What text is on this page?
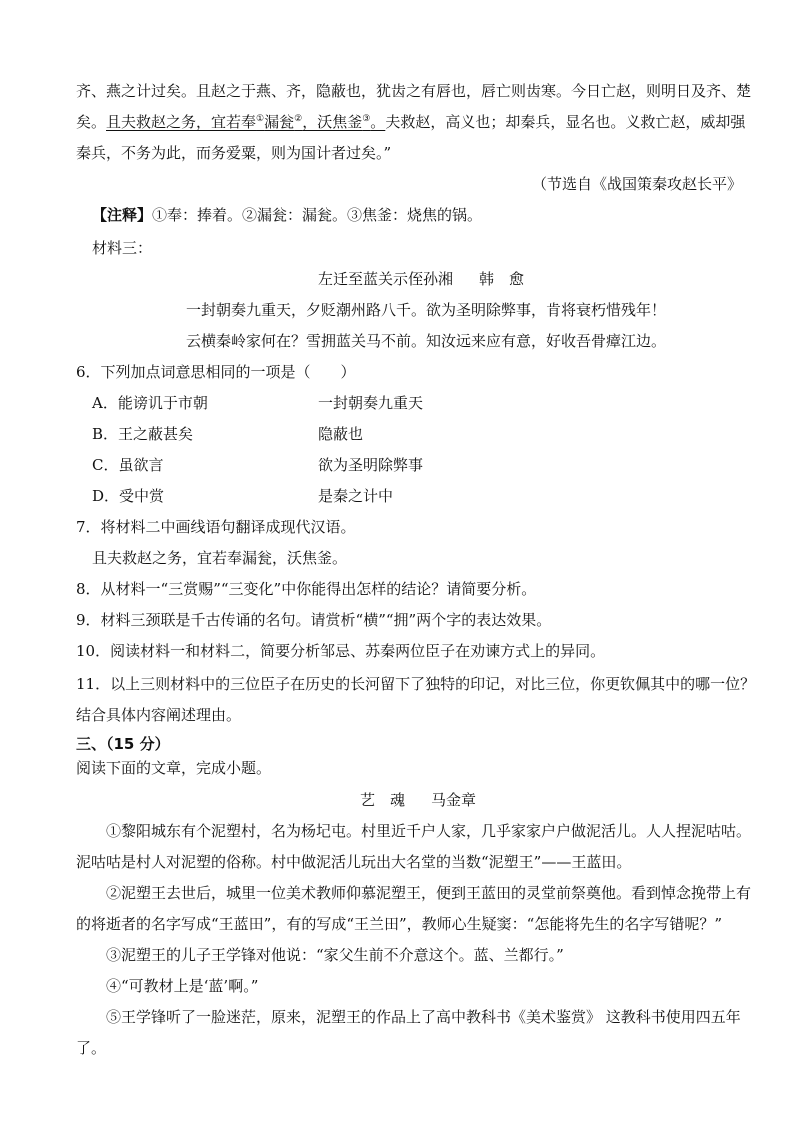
齐、燕之计过矣。且赵之于燕、齐，隐蔽也，犹齿之有唇也，唇亡则齿寒。今日亡赵，则明日及齐、楚
矣。且夫救赵之务，宜若奉①漏瓮②，沃焦釜③。夫救赵，高义也；却秦兵，显名也。义救亡赵，威却强
秦兵，不务为此，而务爱粟，则为国计者过矣。”
（节选自《战国策秦攻赵长平》
【注释】①奉：捧着。②漏瓮：漏瓮。③焦釜：烧焦的锅。
材料三：
左迁至蓝关示侄孙湘 韩　愈
一封朝奏九重天，夕贬潮州路八千。欲为圣明除弊事，肯将衰朽惜残年！
云横秦岭家何在？雪拥蓝关马不前。知汝远来应有意，好收吾骨瘴江边。
6．下列加点词意思相同的一项是（　　）
A．能谤讥于市朝	一封朝奏九重天
B．王之蔽甚矣	隐蔽也
C．虽欲言	欲为圣明除弊事
D．受中赏	是秦之计中
7．将材料二中画线语句翻译成现代汉语。
且夫救赵之务，宜若奉漏瓮，沃焦釜。
8．从材料一“三赏赐”“三变化”中你能得出怎样的结论？请简要分析。
9．材料三颈联是千古传诵的名句。请赏析“横”“拥”两个字的表达效果。
10．阅读材料一和材料二，简要分析邹忌、苏秦两位臣子在劝谏方式上的异同。
11．以上三则材料中的三位臣子在历史的长河留下了独特的印记，对比三位，你更钦佩其中的哪一位？
结合具体内容阐述理由。
三、（15 分）
阅读下面的文章，完成小题。
艺　魂 马金章
①黎阳城东有个泥塑村，名为杨圮屯。村里近千户人家，几乎家家户户做泥活儿。人人捏泥咕咕。
泥咕咕是村人对泥塑的俗称。村中做泥活儿玩出大名堂的当数“泥塑王”——王蓝田。
②泥塑王去世后，城里一位美术教师仰慕泥塑王，便到王蓝田的灵堂前祭奠他。看到悼念挽带上有
的将逝者的名字写成“王蓝田”，有的写成“王兰田”，教师心生疑窦：“怎能将先生的名字写错呢？”
③泥塑王的儿子王学锋对他说：“家父生前不介意这个。蓝、兰都行。”
④“可教材上是‘蓝’啊。”
⑤王学锋听了一脸迷茫，原来，泥塑王的作品上了高中教科书《美术鉴赏》 这教科书使用四五年
了。
